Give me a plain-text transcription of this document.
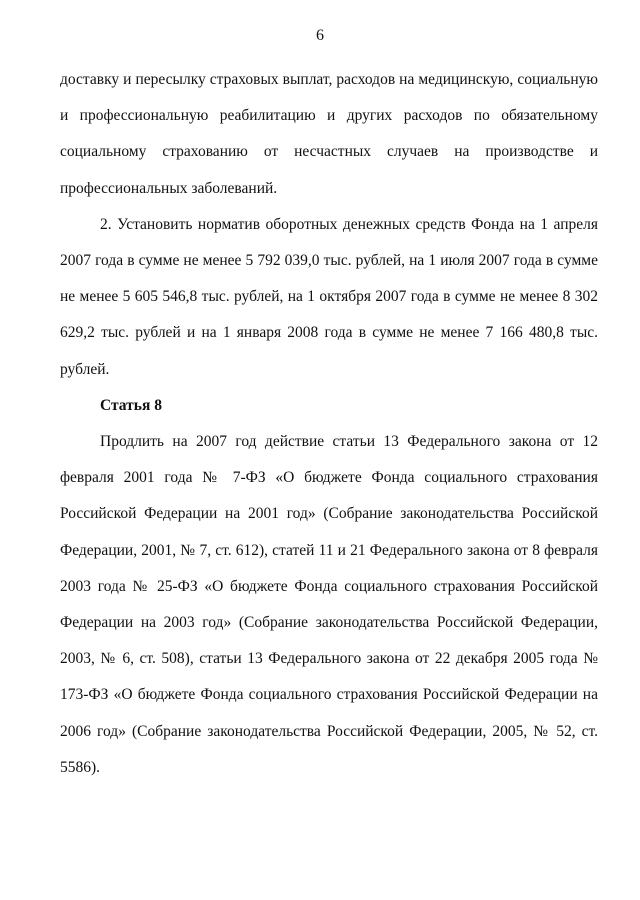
6

доставку и пересылку страховых выплат, расходов на медицинскую, социальную и профессиональную реабилитацию и других расходов по обязательному социальному страхованию от несчастных случаев на производстве и профессиональных заболеваний.

2. Установить норматив оборотных денежных средств Фонда на 1 апреля 2007 года в сумме не менее 5 792 039,0 тыс. рублей, на 1 июля 2007 года в сумме не менее 5 605 546,8 тыс. рублей, на 1 октября 2007 года в сумме не менее 8 302 629,2 тыс. рублей и на 1 января 2008 года в сумме не менее 7 166 480,8 тыс. рублей.

Статья 8

Продлить на 2007 год действие статьи 13 Федерального закона от 12 февраля 2001 года № 7-ФЗ «О бюджете Фонда социального страхования Российской Федерации на 2001 год» (Собрание законодательства Российской Федерации, 2001, № 7, ст. 612), статей 11 и 21 Федерального закона от 8 февраля 2003 года № 25-ФЗ «О бюджете Фонда социального страхования Российской Федерации на 2003 год» (Собрание законодательства Российской Федерации, 2003, № 6, ст. 508), статьи 13 Федерального закона от 22 декабря 2005 года № 173-ФЗ «О бюджете Фонда социального страхования Российской Федерации на 2006 год» (Собрание законодательства Российской Федерации, 2005, № 52, ст. 5586).
